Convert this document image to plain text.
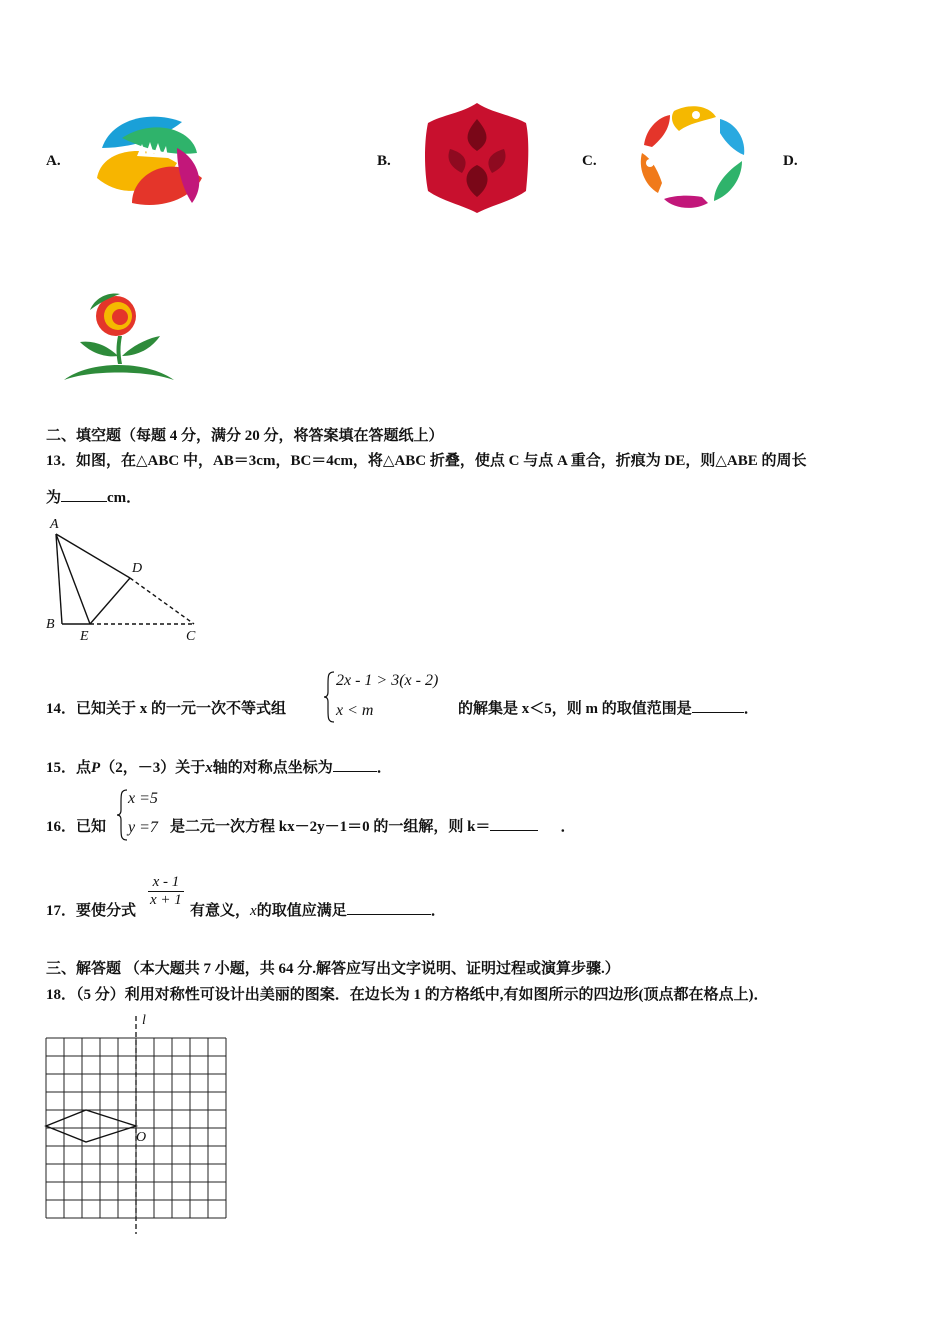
A.	B.	C.	D.
二、填空题（每题 4 分，满分 20 分，将答案填在答题纸上）
13．如图，在△ABC 中，AB＝3cm，BC＝4cm，将△ABC 折叠，使点 C 与点 A 重合，折痕为 DE，则△ABE 的周长
为	cm．
A
B
D
E	C
14．已知关于 x 的一元一次不等式组
2x - 1 > 3(x - 2)
x < m	的解集是 x＜5，则 m 的取值范围是	．
15．点P（2，－3）关于x轴的对称点坐标为	．
16．已知
x =5
y =7 是二元一次方程 kx－2y－1＝0 的一组解，则 k＝	．
17．要使分式
$\frac{x - 1}{x + 1}$
有意义，x的取值应满足	．
三、解答题 （本大题共 7 小题，共 64 分.解答应写出文字说明、证明过程或演算步骤.）
18．（5 分）利用对称性可设计出美丽的图案．在边长为 1 的方格纸中,有如图所示的四边形(顶点都在格点上)．
l
O
